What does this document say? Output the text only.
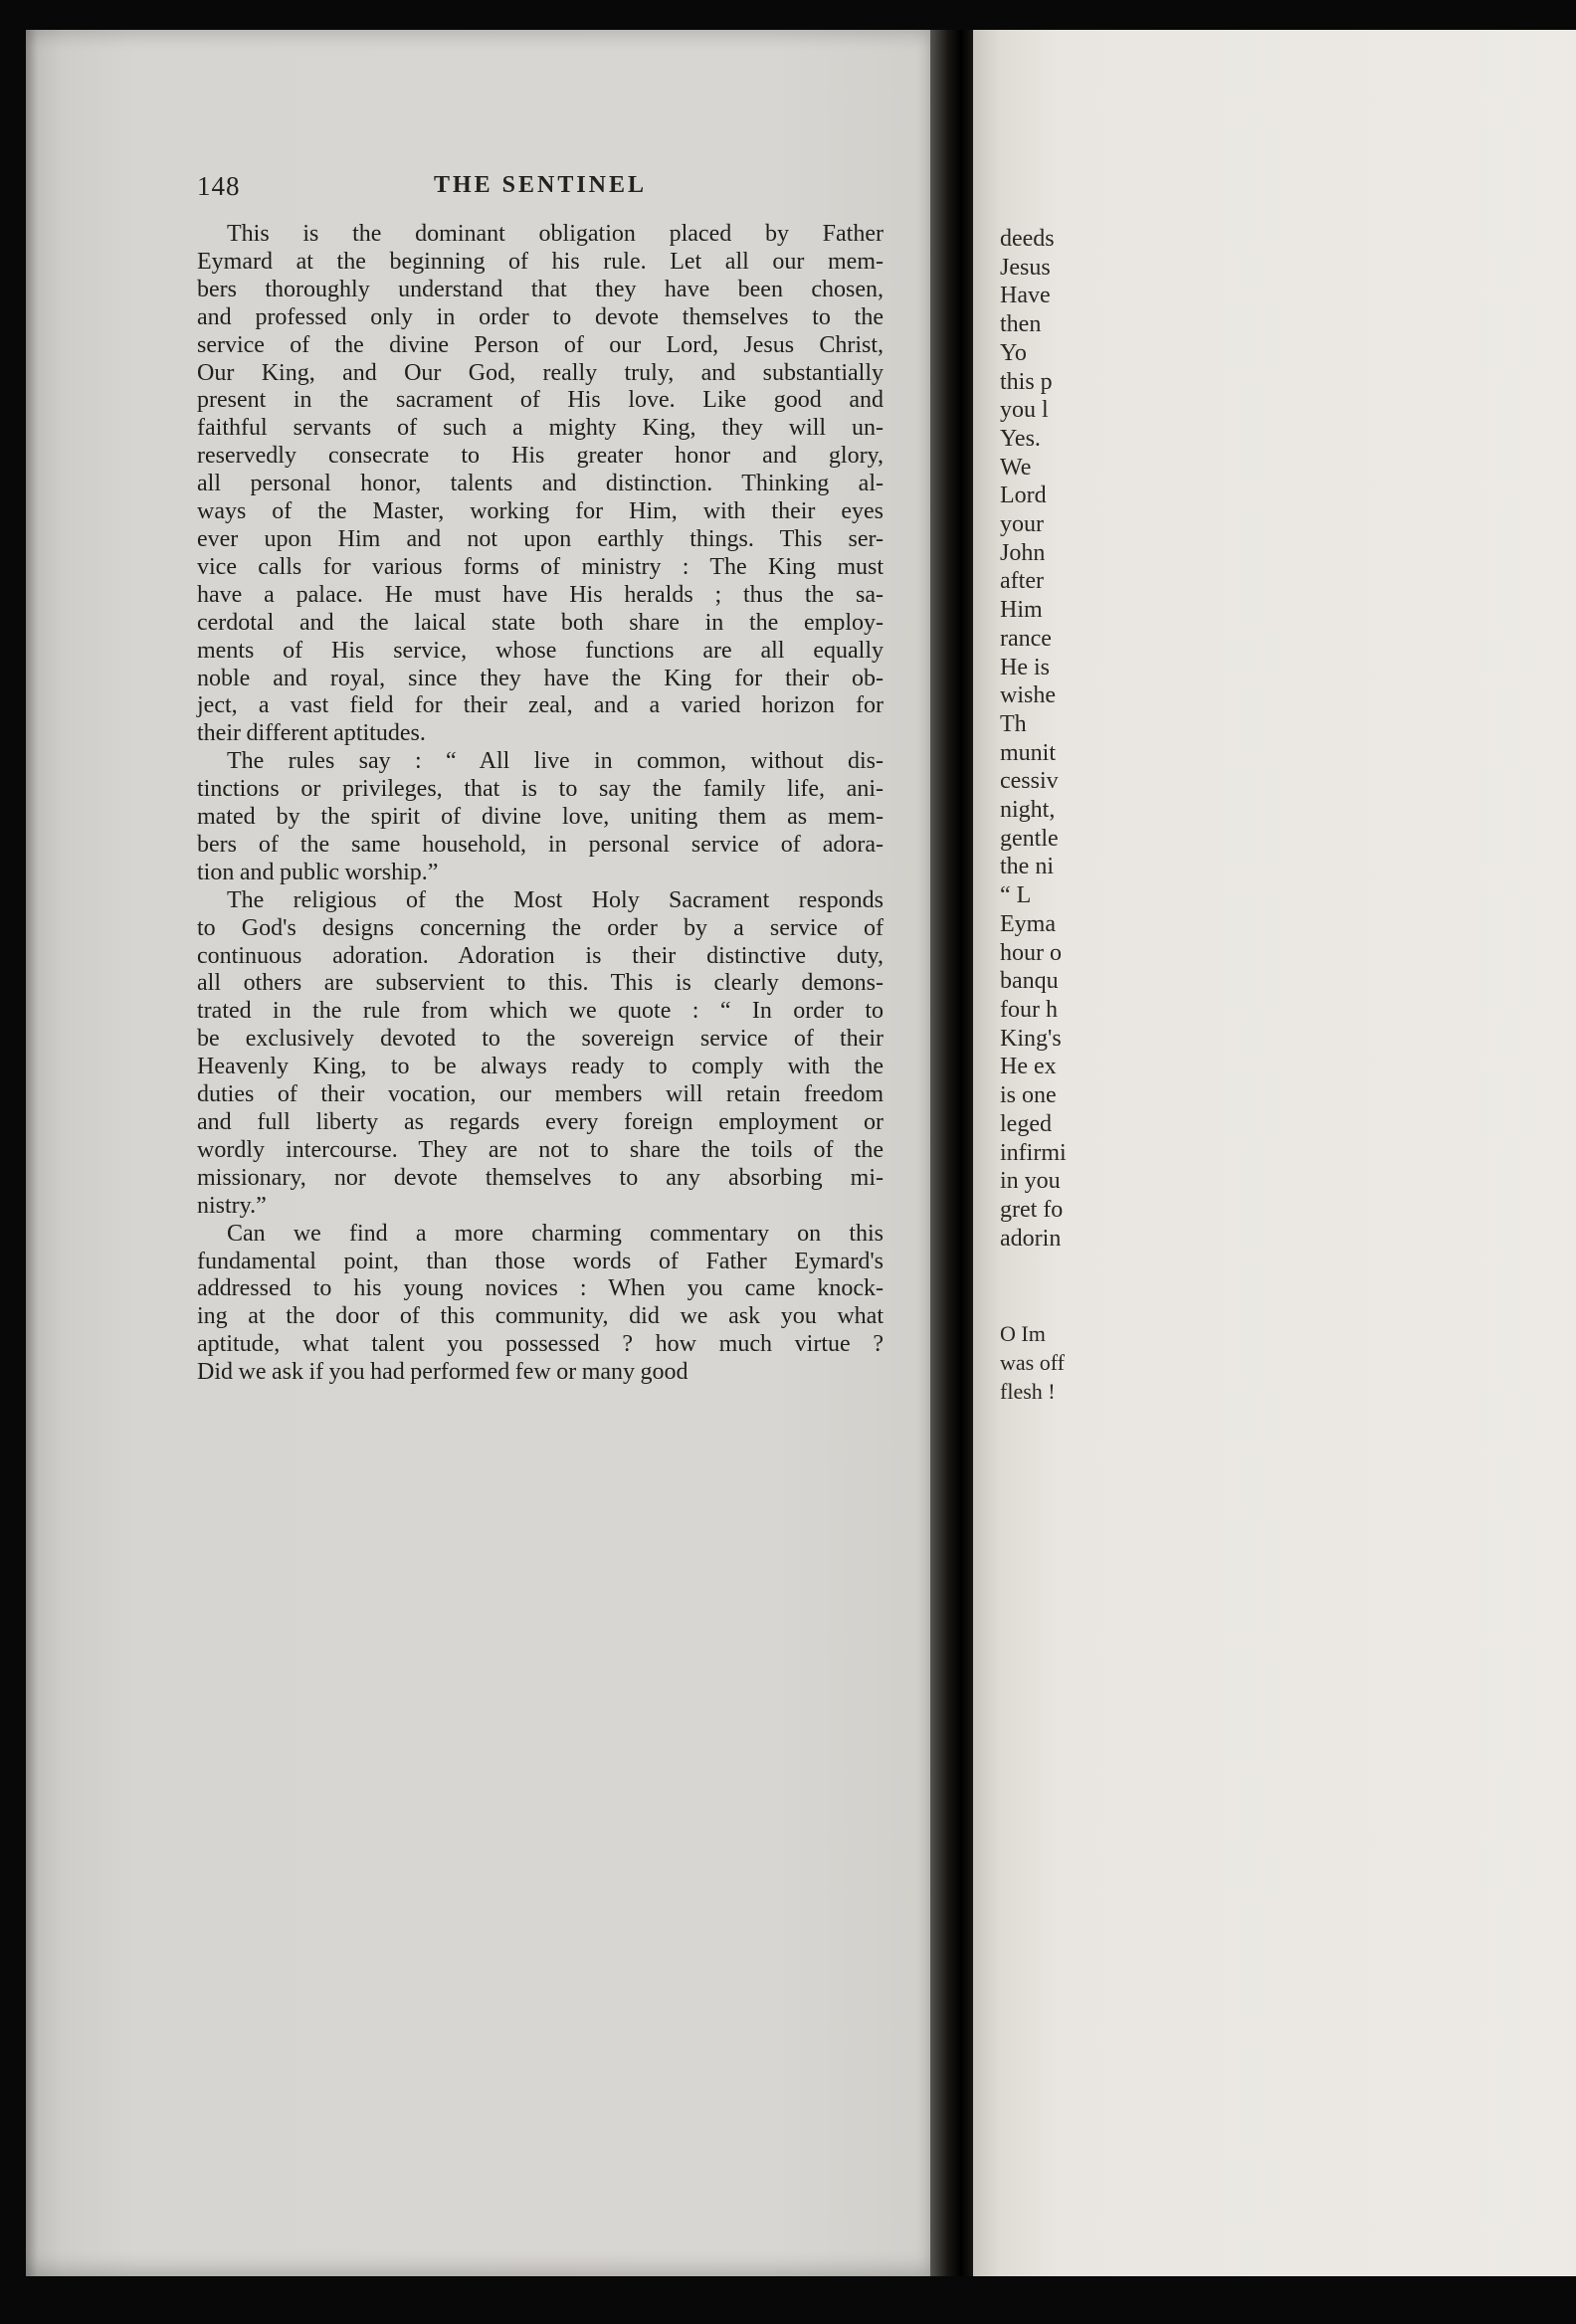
148	THE SENTINEL
This is the dominant obligation placed by Father
Eymard at the beginning of his rule. Let all our mem-
bers thoroughly understand that they have been chosen,
and professed only in order to devote themselves to the
service of the divine Person of our Lord, Jesus Christ,
Our King, and Our God, really truly, and substantially
present in the sacrament of His love. Like good and
faithful servants of such a mighty King, they will un-
reservedly consecrate to His greater honor and glory,
all personal honor, talents and distinction. Thinking al-
ways of the Master, working for Him, with their eyes
ever upon Him and not upon earthly things. This ser-
vice calls for various forms of ministry : The King must
have a palace. He must have His heralds ; thus the sa-
cerdotal and the laical state both share in the employ-
ments of His service, whose functions are all equally
noble and royal, since they have the King for their ob-
ject, a vast field for their zeal, and a varied horizon for
their different aptitudes.
The rules say : “ All live in common, without dis-
tinctions or privileges, that is to say the family life, ani-
mated by the spirit of divine love, uniting them as mem-
bers of the same household, in personal service of adora-
tion and public worship.”
The religious of the Most Holy Sacrament responds
to God's designs concerning the order by a service of
continuous adoration. Adoration is their distinctive duty,
all others are subservient to this. This is clearly demons-
trated in the rule from which we quote : “ In order to
be exclusively devoted to the sovereign service of their
Heavenly King, to be always ready to comply with the
duties of their vocation, our members will retain freedom
and full liberty as regards every foreign employment or
wordly intercourse. They are not to share the toils of the
missionary, nor devote themselves to any absorbing mi-
nistry.”
Can we find a more charming commentary on this
fundamental point, than those words of Father Eymard's
addressed to his young novices : When you came knock-
ing at the door of this community, did we ask you what
aptitude, what talent you possessed ? how much virtue ?
Did we ask if you had performed few or many good
deeds
Jesus
Have
then
Yo
this p
you l
Yes.
We
Lord
your
John
after
Him
rance
He is
wishe
Th
munit
cessiv
night,
gentle
the ni
“ L
Eyma
hour o
banqu
four h
King's
He ex
is one
leged
infirmi
in you
gret fo
adorin
O Im
was off
flesh !
